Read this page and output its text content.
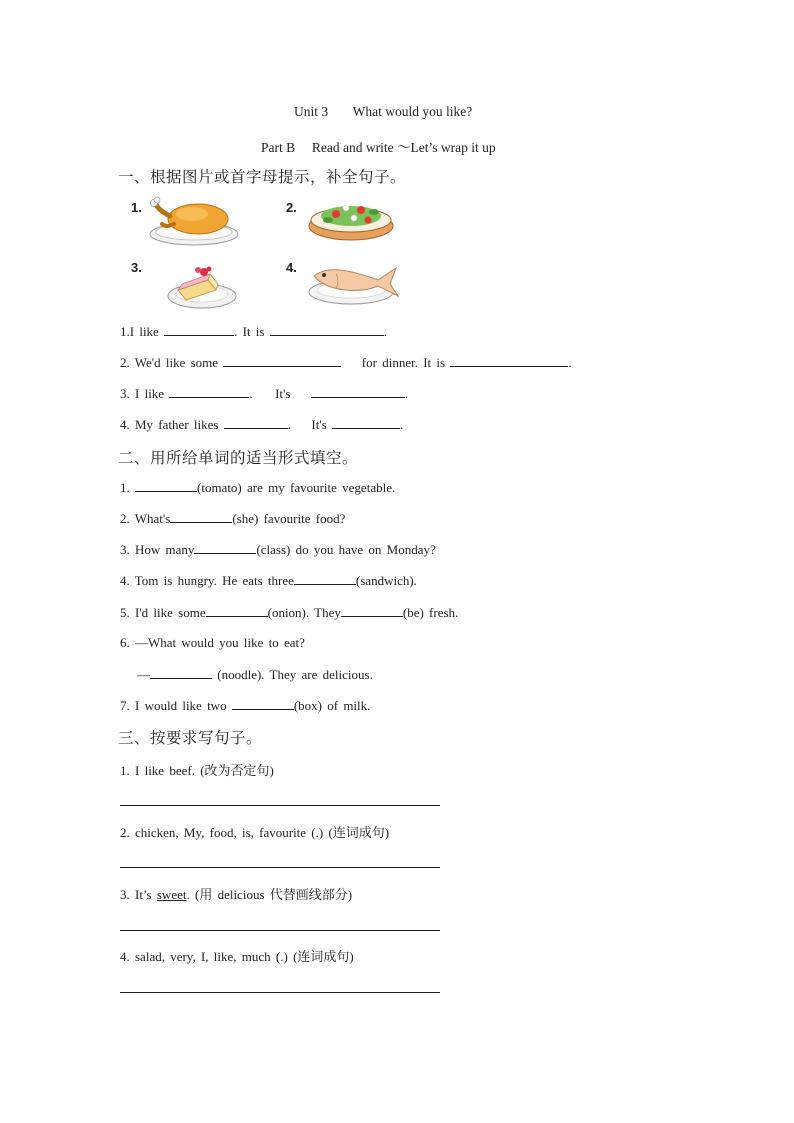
Unit 3 What would you like?
Part B Read and write ～Let’s wrap it up
一、根据图片或首字母提示，补全句子。
1.	2.
3.	4.
1.I like	. It is	.
2. We'd like some	for dinner. It is	.
3. I like	. It's	.
4. My father likes	. It's	.
二、用所给单词的适当形式填空。
1.	(tomato) are my favourite vegetable.
2. What's	(she) favourite food?
3. How many	(class) do you have on Monday?
4. Tom is hungry. He eats three	(sandwich).
5. I'd like some	(onion). They	(be) fresh.
6. —What would you like to eat?
—	(noodle). They are delicious.
7. I would like two	(box) of milk.
三、按要求写句子。
1. I like beef. (改为否定句)
2. chicken, My, food, is, favourite (.) (连词成句)
3. It’s sweet. (用 delicious 代替画线部分)
4. salad, very, I, like, much (.) (连词成句)
